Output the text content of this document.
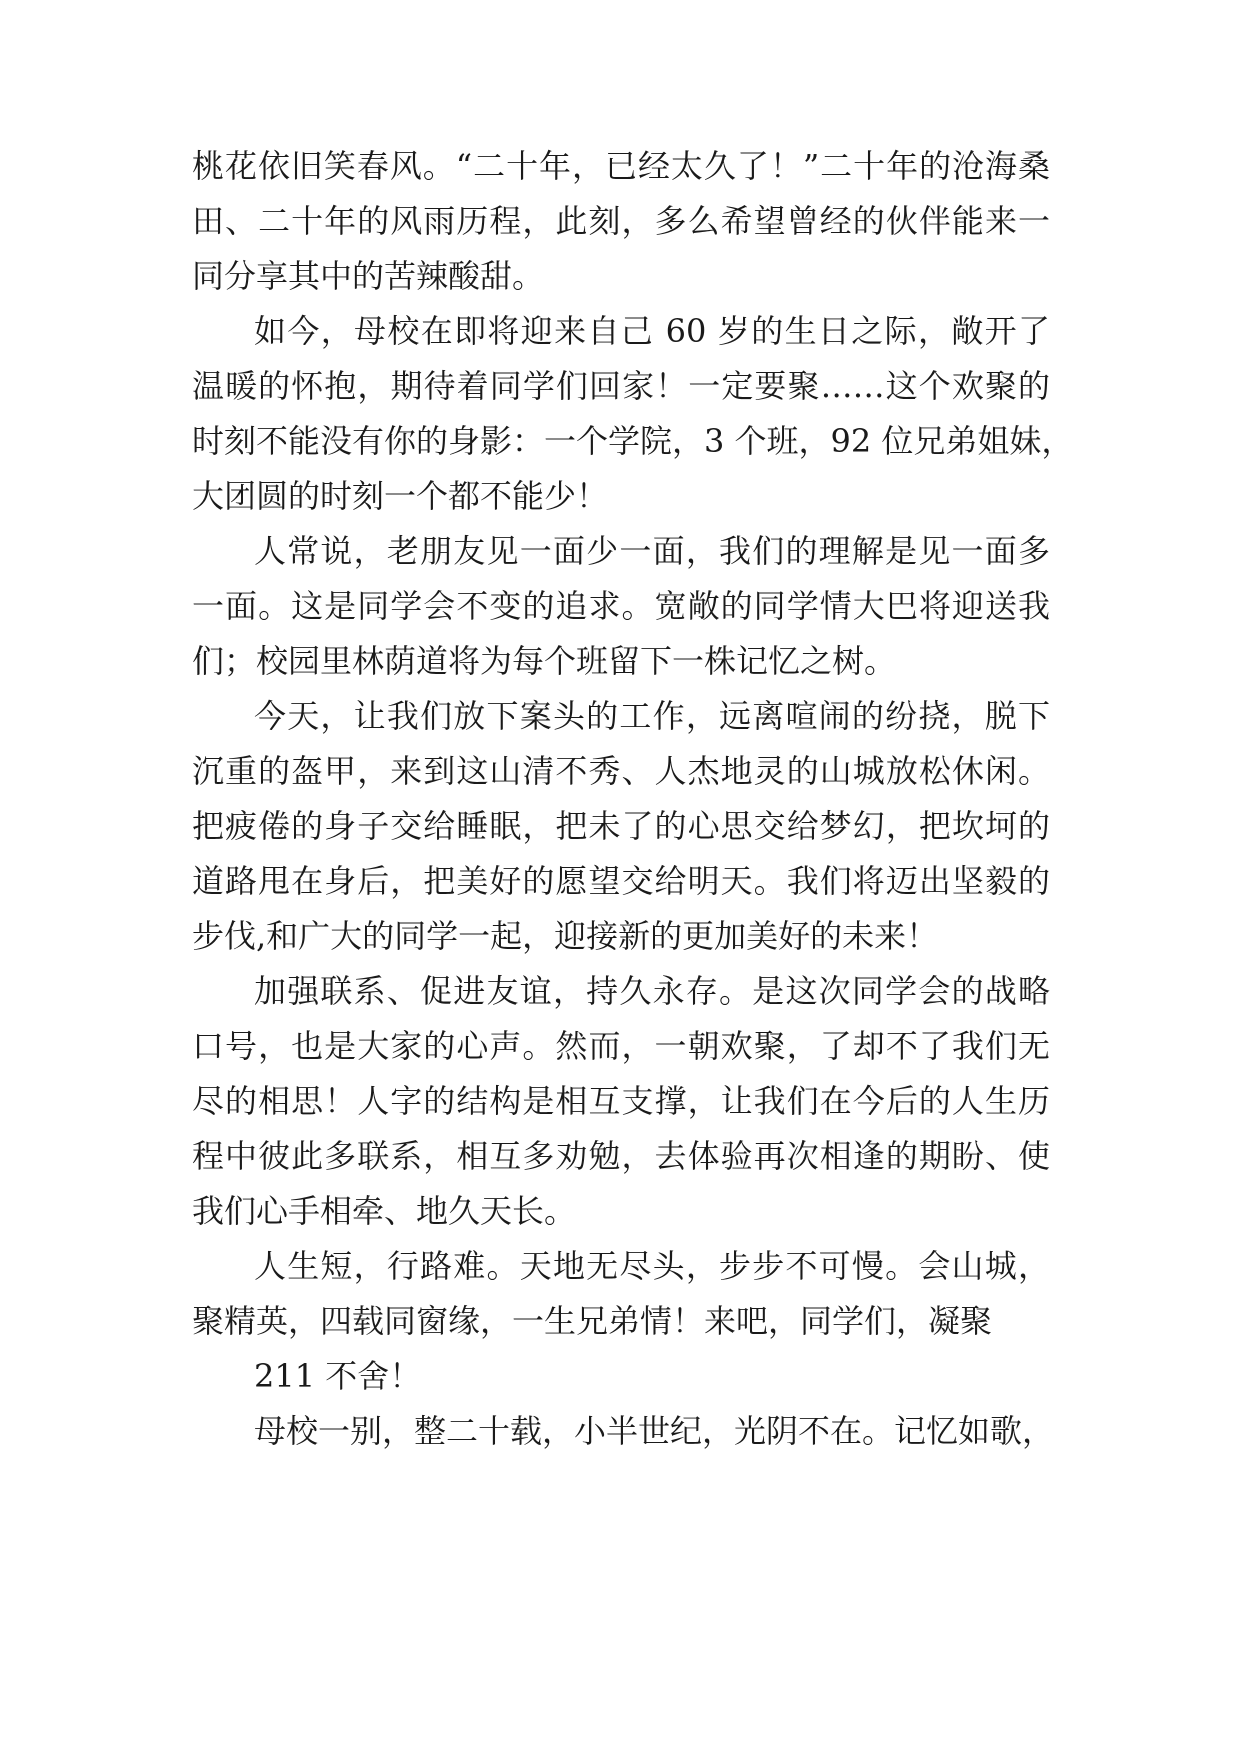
桃花依旧笑春风。“二十年，已经太久了！”二十年的沧海桑

田、二十年的风雨历程，此刻，多么希望曾经的伙伴能来一

同分享其中的苦辣酸甜。

如今，母校在即将迎来自己 60 岁的生日之际，敞开了

温暖的怀抱，期待着同学们回家！一定要聚……这个欢聚的

时刻不能没有你的身影：一个学院，3 个班，92 位兄弟姐妹，

大团圆的时刻一个都不能少！

人常说，老朋友见一面少一面，我们的理解是见一面多

一面。这是同学会不变的追求。宽敞的同学情大巴将迎送我

们；校园里林荫道将为每个班留下一株记忆之树。

今天，让我们放下案头的工作，远离喧闹的纷挠，脱下

沉重的盔甲，来到这山清不秀、人杰地灵的山城放松休闲。

把疲倦的身子交给睡眠，把未了的心思交给梦幻，把坎坷的

道路甩在身后，把美好的愿望交给明天。我们将迈出坚毅的

步伐,和广大的同学一起，迎接新的更加美好的未来！

加强联系、促进友谊，持久永存。是这次同学会的战略

口号，也是大家的心声。然而，一朝欢聚，了却不了我们无

尽的相思！人字的结构是相互支撑，让我们在今后的人生历

程中彼此多联系，相互多劝勉，去体验再次相逢的期盼、使

我们心手相牵、地久天长。

人生短，行路难。天地无尽头，步步不可慢。会山城，

聚精英，四载同窗缘，一生兄弟情！来吧，同学们，凝聚

211 不舍！

母校一别，整二十载，小半世纪，光阴不在。记忆如歌，
